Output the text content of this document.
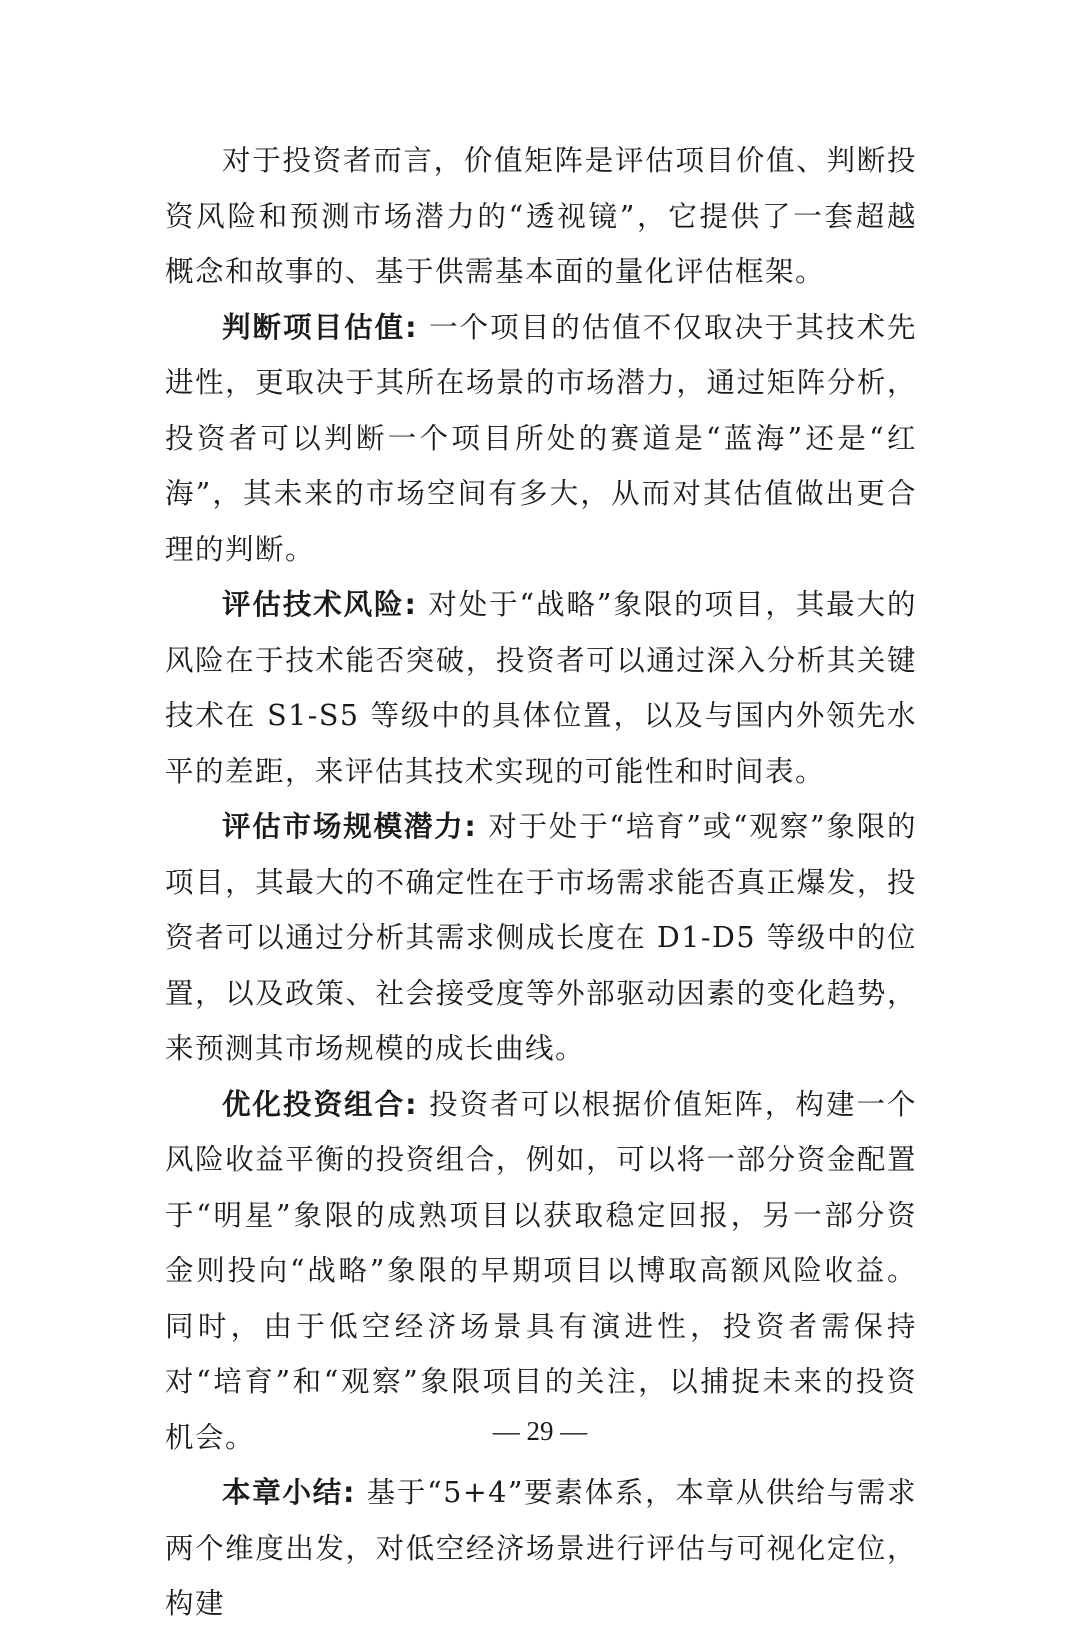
对于投资者而言，价值矩阵是评估项目价值、判断投资风险和预测市场潜力的“透视镜”，它提供了一套超越概念和故事的、基于供需基本面的量化评估框架。

判断项目估值: 一个项目的估值不仅取决于其技术先进性，更取决于其所在场景的市场潜力，通过矩阵分析，投资者可以判断一个项目所处的赛道是“蓝海”还是“红海”，其未来的市场空间有多大，从而对其估值做出更合理的判断。

评估技术风险: 对处于“战略”象限的项目，其最大的风险在于技术能否突破，投资者可以通过深入分析其关键技术在 S1-S5 等级中的具体位置，以及与国内外领先水平的差距，来评估其技术实现的可能性和时间表。

评估市场规模潜力: 对于处于“培育”或“观察”象限的项目，其最大的不确定性在于市场需求能否真正爆发，投资者可以通过分析其需求侧成长度在 D1-D5 等级中的位置，以及政策、社会接受度等外部驱动因素的变化趋势，来预测其市场规模的成长曲线。

优化投资组合: 投资者可以根据价值矩阵，构建一个风险收益平衡的投资组合，例如，可以将一部分资金配置于“明星”象限的成熟项目以获取稳定回报，另一部分资金则投向“战略”象限的早期项目以博取高额风险收益。同时，由于低空经济场景具有演进性，投资者需保持对“培育”和“观察”象限项目的关注，以捕捉未来的投资机会。

本章小结: 基于“5+4”要素体系，本章从供给与需求两个维度出发，对低空经济场景进行评估与可视化定位，构建

— 29 —
